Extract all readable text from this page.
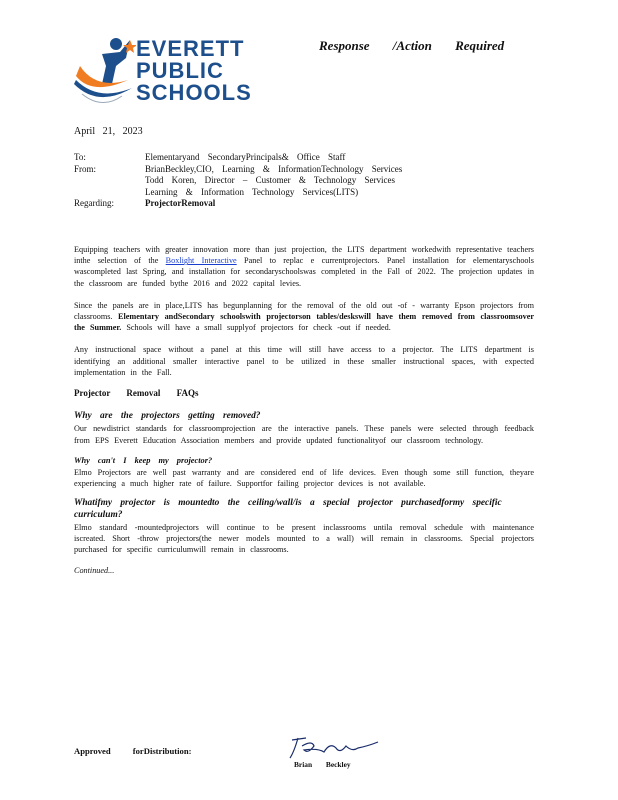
EVERETT
PUBLIC
SCHOOLS
Response /Action Required
April 21, 2023
To:	Elementaryand SecondaryPrincipals& Office Staff
From:	BrianBeckley,CIO, Learning & InformationTechnology Services
Todd Koren, Director – Customer & Technology Services
Learning & Information Technology Services(LITS)
Regarding:	ProjectorRemoval

Equipping teachers with greater innovation more than just projection, the LITS department workedwith representative teachers inthe selection of the Boxlight Interactive Panel to replac e currentprojectors. Panel installation for elementaryschools wascompleted last Spring, and installation for secondaryschoolswas completed in the Fall of 2022. The projection updates in the classroom are funded bythe 2016 and 2022 capital levies.

Since the panels are in place,LITS has begunplanning for the removal of the old out -of - warranty Epson projectors from classrooms. Elementary andSecondary schoolswith projectorson tables/deskswill have them removed from classroomsover the Summer. Schools will have a small supplyof projectors for check -out if needed.

Any instructional space without a panel at this time will still have access to a projector. The LITS department is identifying an additional smaller interactive panel to be utilized in these smaller instructional spaces, with expected implementation in the Fall.

Projector Removal FAQs
Why are the projectors getting removed?
Our newdistrict standards for classroomprojection are the interactive panels. These panels were selected through feedback from EPS Everett Education Association members and provide updated functionalityof our classroom technology.
Why can't I keep my projector?
Elmo Projectors are well past warranty and are considered end of life devices. Even though some still function, theyare experiencing a much higher rate of failure. Supportfor failing projector devices is not available.
Whatifmy projector is mountedto the ceiling/wall/is a special projector purchasedformy specific curriculum?
Elmo standard -mountedprojectors will continue to be present inclassrooms untila removal schedule with maintenance iscreated. Short -throw projectors(the newer models mounted to a wall) will remain in classrooms. Special projectors purchased for specific curriculumwill remain in classrooms.
Continued...
Approved forDistribution:
Brian Beckley
